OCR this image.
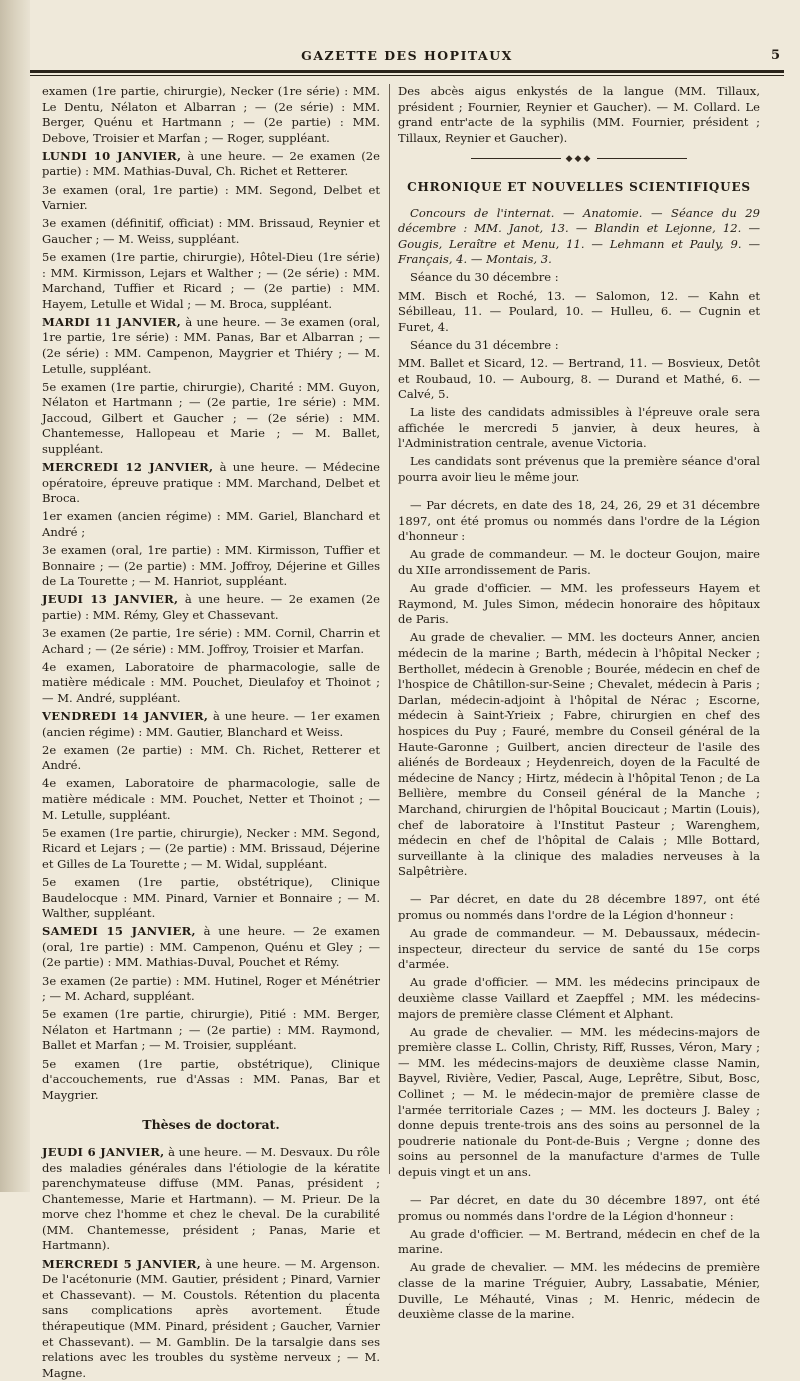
GAZETTE DES HOPITAUX	5

examen (1re partie, chirurgie), Necker (1re série) : MM. Le Dentu, Nélaton et Albarran ; — (2e série) : MM. Berger, Quénu et Hartmann ; — (2e partie) : MM. Debove, Troisier et Marfan ; — Roger, suppléant.

LUNDI 10 JANVIER, à une heure. — 2e examen (2e partie) : MM. Mathias-Duval, Ch. Richet et Retterer.

3e examen (oral, 1re partie) : MM. Segond, Delbet et Varnier.

3e examen (définitif, officiat) : MM. Brissaud, Reynier et Gaucher ; — M. Weiss, suppléant.

5e examen (1re partie, chirurgie), Hôtel-Dieu (1re série) : MM. Kirmisson, Lejars et Walther ; — (2e série) : MM. Marchand, Tuffier et Ricard ; — (2e partie) : MM. Hayem, Letulle et Widal ; — M. Broca, suppléant.

MARDI 11 JANVIER, à une heure. — 3e examen (oral, 1re partie, 1re série) : MM. Panas, Bar et Albarran ; — (2e série) : MM. Campenon, Maygrier et Thiéry ; — M. Letulle, suppléant.

5e examen (1re partie, chirurgie), Charité : MM. Guyon, Nélaton et Hartmann ; — (2e partie, 1re série) : MM. Jaccoud, Gilbert et Gaucher ; — (2e série) : MM. Chantemesse, Hallopeau et Marie ; — M. Ballet, suppléant.

MERCREDI 12 JANVIER, à une heure. — Médecine opératoire, épreuve pratique : MM. Marchand, Delbet et Broca.

1er examen (ancien régime) : MM. Gariel, Blanchard et André ;

3e examen (oral, 1re partie) : MM. Kirmisson, Tuffier et Bonnaire ; — (2e partie) : MM. Joffroy, Déjerine et Gilles de La Tourette ; — M. Hanriot, suppléant.

JEUDI 13 JANVIER, à une heure. — 2e examen (2e partie) : MM. Rémy, Gley et Chassevant.

3e examen (2e partie, 1re série) : MM. Cornil, Charrin et Achard ; — (2e série) : MM. Joffroy, Troisier et Marfan.

4e examen, Laboratoire de pharmacologie, salle de matière médicale : MM. Pouchet, Dieulafoy et Thoinot ; — M. André, suppléant.

VENDREDI 14 JANVIER, à une heure. — 1er examen (ancien régime) : MM. Gautier, Blanchard et Weiss.

2e examen (2e partie) : MM. Ch. Richet, Retterer et André.

4e examen, Laboratoire de pharmacologie, salle de matière médicale : MM. Pouchet, Netter et Thoinot ; — M. Letulle, suppléant.

5e examen (1re partie, chirurgie), Necker : MM. Segond, Ricard et Lejars ; — (2e partie) : MM. Brissaud, Déjerine et Gilles de La Tourette ; — M. Widal, suppléant.

5e examen (1re partie, obstétrique), Clinique Baudelocque : MM. Pinard, Varnier et Bonnaire ; — M. Walther, suppléant.

SAMEDI 15 JANVIER, à une heure. — 2e examen (oral, 1re partie) : MM. Campenon, Quénu et Gley ; — (2e partie) : MM. Mathias-Duval, Pouchet et Rémy.

3e examen (2e partie) : MM. Hutinel, Roger et Ménétrier ; — M. Achard, suppléant.

5e examen (1re partie, chirurgie), Pitié : MM. Berger, Nélaton et Hartmann ; — (2e partie) : MM. Raymond, Ballet et Marfan ; — M. Troisier, suppléant.

5e examen (1re partie, obstétrique), Clinique d'accouchements, rue d'Assas : MM. Panas, Bar et Maygrier.

Thèses de doctorat.

JEUDI 6 JANVIER, à une heure. — M. Desvaux. Du rôle des maladies générales dans l'étiologie de la kératite parenchymateuse diffuse (MM. Panas, président ; Chantemesse, Marie et Hartmann). — M. Prieur. De la morve chez l'homme et chez le cheval. De la curabilité (MM. Chantemesse, président ; Panas, Marie et Hartmann).

MERCREDI 5 JANVIER, à une heure. — M. Argenson. De l'acétonurie (MM. Gautier, président ; Pinard, Varnier et Chassevant). — M. Coustols. Rétention du placenta sans complications après avortement. Étude thérapeutique (MM. Pinard, président ; Gaucher, Varnier et Chassevant). — M. Gamblin. De la tarsalgie dans ses relations avec les troubles du système nerveux ; — M. Magne.

Des abcès aigus enkystés de la langue (MM. Tillaux, président ; Fournier, Reynier et Gaucher). — M. Collard. Le grand entr'acte de la syphilis (MM. Fournier, président ; Tillaux, Reynier et Gaucher).

◆◆◆
CHRONIQUE ET NOUVELLES SCIENTIFIQUES

Concours de l'internat. — Anatomie. — Séance du 29 décembre : MM. Janot, 13. — Blandin et Lejonne, 12. — Gougis, Leraître et Menu, 11. — Lehmann et Pauly, 9. — Français, 4. — Montais, 3.

Séance du 30 décembre :

MM. Bisch et Roché, 13. — Salomon, 12. — Kahn et Sébilleau, 11. — Poulard, 10. — Hulleu, 6. — Cugnin et Furet, 4.

Séance du 31 décembre :

MM. Ballet et Sicard, 12. — Bertrand, 11. — Bosvieux, Detôt et Roubaud, 10. — Aubourg, 8. — Durand et Mathé, 6. — Calvé, 5.

La liste des candidats admissibles à l'épreuve orale sera affichée le mercredi 5 janvier, à deux heures, à l'Administration centrale, avenue Victoria.

Les candidats sont prévenus que la première séance d'oral pourra avoir lieu le même jour.

— Par décrets, en date des 18, 24, 26, 29 et 31 décembre 1897, ont été promus ou nommés dans l'ordre de la Légion d'honneur :

Au grade de commandeur. — M. le docteur Goujon, maire du XIIe arrondissement de Paris.

Au grade d'officier. — MM. les professeurs Hayem et Raymond, M. Jules Simon, médecin honoraire des hôpitaux de Paris.

Au grade de chevalier. — MM. les docteurs Anner, ancien médecin de la marine ; Barth, médecin à l'hôpital Necker ; Berthollet, médecin à Grenoble ; Bourée, médecin en chef de l'hospice de Châtillon-sur-Seine ; Chevalet, médecin à Paris ; Darlan, médecin-adjoint à l'hôpital de Nérac ; Escorne, médecin à Saint-Yrieix ; Fabre, chirurgien en chef des hospices du Puy ; Fauré, membre du Conseil général de la Haute-Garonne ; Guilbert, ancien directeur de l'asile des aliénés de Bordeaux ; Heydenreich, doyen de la Faculté de médecine de Nancy ; Hirtz, médecin à l'hôpital Tenon ; de La Bellière, membre du Conseil général de la Manche ; Marchand, chirurgien de l'hôpital Boucicaut ; Martin (Louis), chef de laboratoire à l'Institut Pasteur ; Warenghem, médecin en chef de l'hôpital de Calais ; Mlle Bottard, surveillante à la clinique des maladies nerveuses à la Salpêtrière.

— Par décret, en date du 28 décembre 1897, ont été promus ou nommés dans l'ordre de la Légion d'honneur :

Au grade de commandeur. — M. Debaussaux, médecin-inspecteur, directeur du service de santé du 15e corps d'armée.

Au grade d'officier. — MM. les médecins principaux de deuxième classe Vaillard et Zaepffel ; MM. les médecins-majors de première classe Clément et Alphant.

Au grade de chevalier. — MM. les médecins-majors de première classe L. Collin, Christy, Riff, Russes, Véron, Mary ; — MM. les médecins-majors de deuxième classe Namin, Bayvel, Rivière, Vedier, Pascal, Auge, Leprêtre, Sibut, Bosc, Collinet ; — M. le médecin-major de première classe de l'armée territoriale Cazes ; — MM. les docteurs J. Baley ; donne depuis trente-trois ans des soins au personnel de la poudrerie nationale du Pont-de-Buis ; Vergne ; donne des soins au personnel de la manufacture d'armes de Tulle depuis vingt et un ans.

— Par décret, en date du 30 décembre 1897, ont été promus ou nommés dans l'ordre de la Légion d'honneur :

Au grade d'officier. — M. Bertrand, médecin en chef de la marine.

Au grade de chevalier. — MM. les médecins de première classe de la marine Tréguier, Aubry, Lassabatie, Ménier, Duville, Le Méhauté, Vinas ; M. Henric, médecin de deuxième classe de la marine.
